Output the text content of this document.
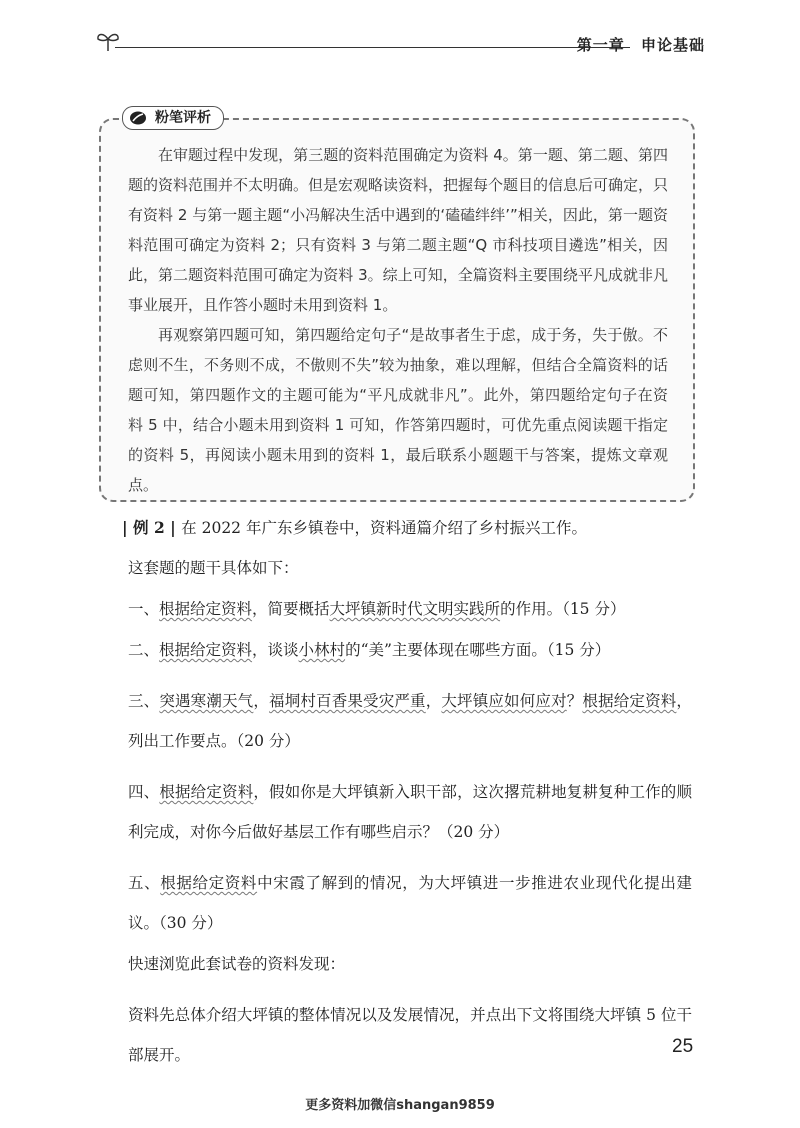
第一章 申论基础
粉笔评析

在审题过程中发现，第三题的资料范围确定为资料 4。第一题、第二题、第四题的资料范围并不太明确。但是宏观略读资料，把握每个题目的信息后可确定，只有资料 2 与第一题主题“小冯解决生活中遇到的‘磕磕绊绊’”相关，因此，第一题资料范围可确定为资料 2；只有资料 3 与第二题主题“Q 市科技项目遴选”相关，因此，第二题资料范围可确定为资料 3。综上可知，全篇资料主要围绕平凡成就非凡事业展开，且作答小题时未用到资料 1。

再观察第四题可知，第四题给定句子“是故事者生于虑，成于务，失于傲。不虑则不生，不务则不成，不傲则不失”较为抽象，难以理解，但结合全篇资料的话题可知，第四题作文的主题可能为“平凡成就非凡”。此外，第四题给定句子在资料 5 中，结合小题未用到资料 1 可知，作答第四题时，可优先重点阅读题干指定的资料 5，再阅读小题未用到的资料 1，最后联系小题题干与答案，提炼文章观点。

| 例 2 | 在 2022 年广东乡镇卷中，资料通篇介绍了乡村振兴工作。

这套题的题干具体如下：

一、根据给定资料，简要概括大坪镇新时代文明实践所的作用。（15 分）

二、根据给定资料，谈谈小林村的“美”主要体现在哪些方面。（15 分）

三、突遇寒潮天气，福垌村百香果受灾严重，大坪镇应如何应对？根据给定资料，列出工作要点。（20 分）

四、根据给定资料，假如你是大坪镇新入职干部，这次撂荒耕地复耕复种工作的顺利完成，对你今后做好基层工作有哪些启示？（20 分）

五、根据给定资料中宋霞了解到的情况，为大坪镇进一步推进农业现代化提出建议。（30 分）

快速浏览此套试卷的资料发现：

资料先总体介绍大坪镇的整体情况以及发展情况，并点出下文将围绕大坪镇 5 位干部展开。	25
更多资料加微信shangan9859
